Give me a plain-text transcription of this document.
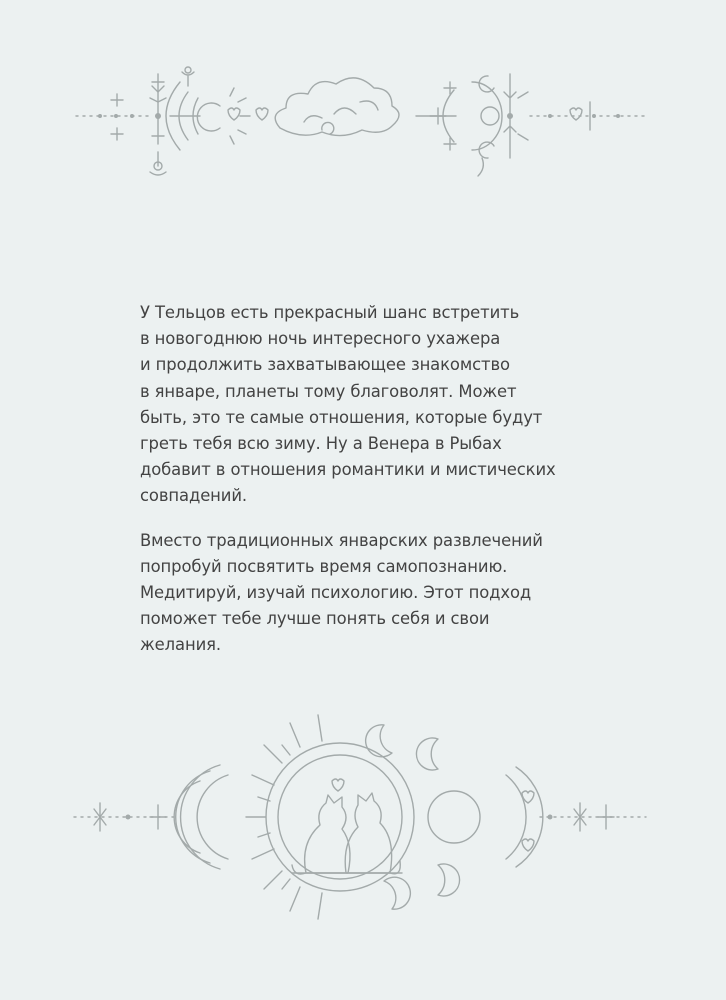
У Тельцов есть прекрасный шанс встретить
в новогоднюю ночь интересного ухажера
и продолжить захватывающее знакомство
в январе, планеты тому благоволят. Может
быть, это те самые отношения, которые будут
греть тебя всю зиму. Ну а Венера в Рыбах
добавит в отношения романтики и мистических
совпадений.

Вместо традиционных январских развлечений
попробуй посвятить время самопознанию.
Медитируй, изучай психологию. Этот подход
поможет тебе лучше понять себя и свои
желания.
